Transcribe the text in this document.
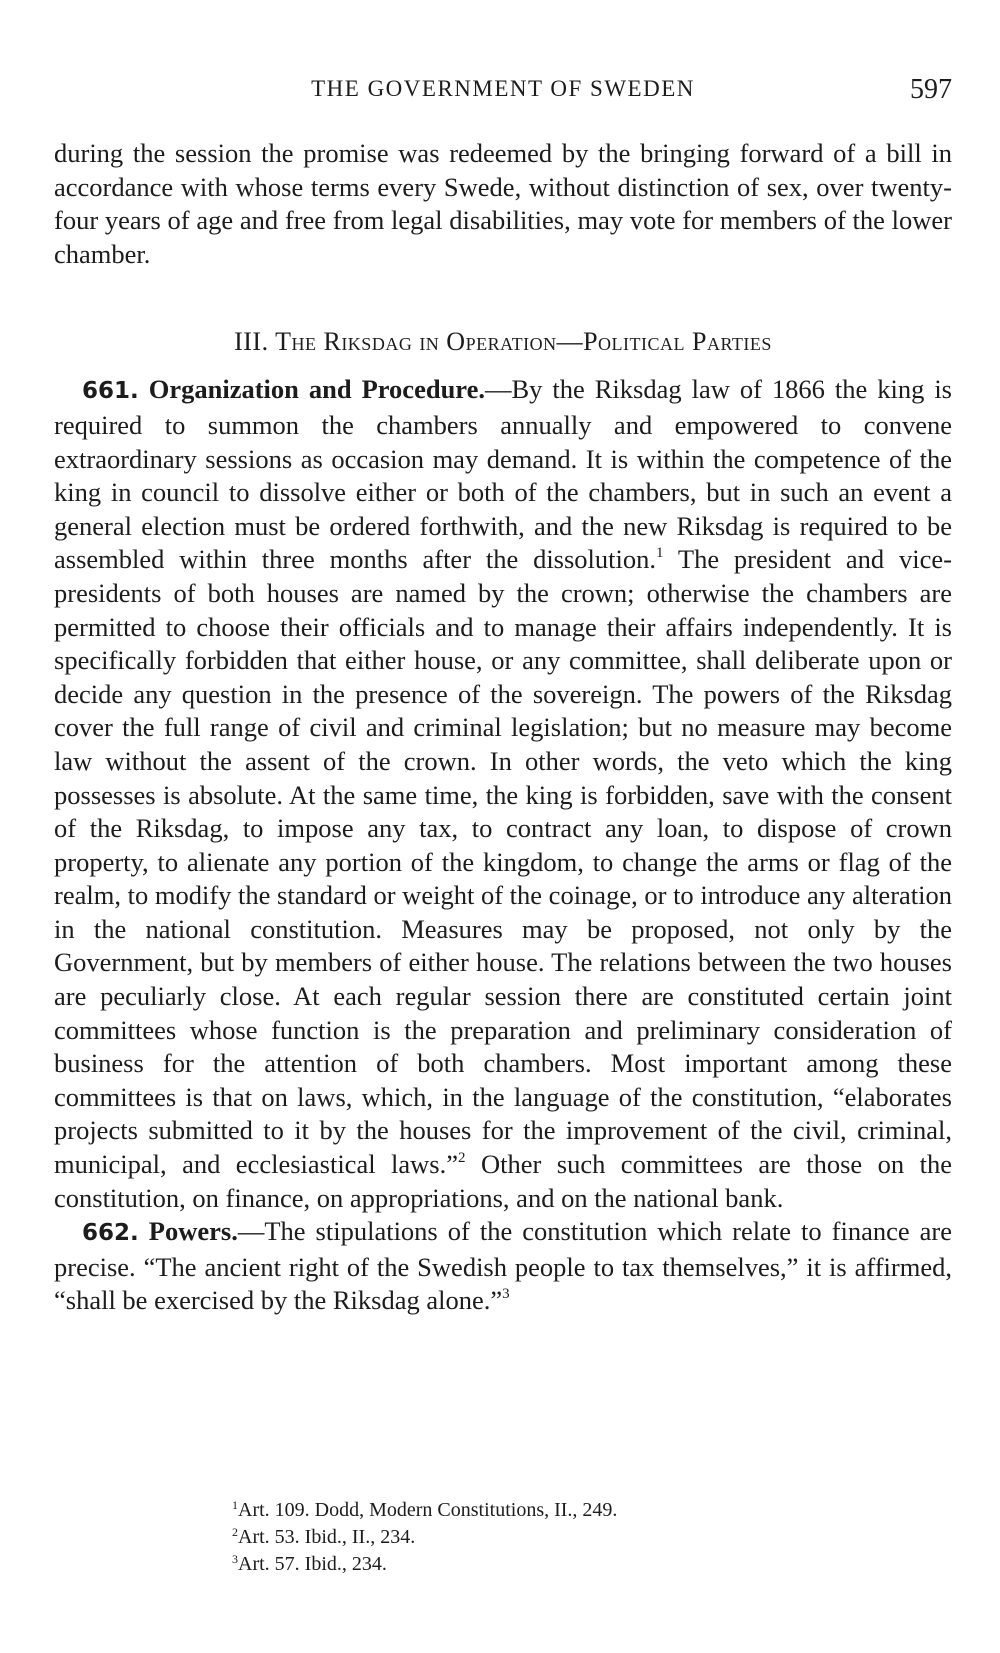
THE GOVERNMENT OF SWEDEN	597

during the session the promise was redeemed by the bringing forward of a bill in accordance with whose terms every Swede, without distinction of sex, over twenty-four years of age and free from legal disabilities, may vote for members of the lower chamber.

III. The Riksdag in Operation—Political Parties

661. Organization and Procedure.—By the Riksdag law of 1866 the king is required to summon the chambers annually and empowered to convene extraordinary sessions as occasion may demand. It is within the competence of the king in council to dissolve either or both of the chambers, but in such an event a general election must be ordered forthwith, and the new Riksdag is required to be assembled within three months after the dissolution.$^1$ The president and vice-presidents of both houses are named by the crown; otherwise the chambers are permitted to choose their officials and to manage their affairs independently. It is specifically forbidden that either house, or any committee, shall deliberate upon or decide any question in the presence of the sovereign. The powers of the Riksdag cover the full range of civil and criminal legislation; but no measure may become law without the assent of the crown. In other words, the veto which the king possesses is absolute. At the same time, the king is forbidden, save with the consent of the Riksdag, to impose any tax, to contract any loan, to dispose of crown property, to alienate any portion of the kingdom, to change the arms or flag of the realm, to modify the standard or weight of the coinage, or to introduce any alteration in the national constitution. Measures may be proposed, not only by the Government, but by members of either house. The relations between the two houses are peculiarly close. At each regular session there are constituted certain joint committees whose function is the preparation and preliminary consideration of business for the attention of both chambers. Most important among these committees is that on laws, which, in the language of the constitution, “elaborates projects submitted to it by the houses for the improvement of the civil, criminal, municipal, and ecclesiastical laws.”$^2$ Other such committees are those on the constitution, on finance, on appropriations, and on the national bank.

662. Powers.—The stipulations of the constitution which relate to finance are precise. “The ancient right of the Swedish people to tax themselves,” it is affirmed, “shall be exercised by the Riksdag alone.”$^3$

$^1$Art. 109. Dodd, Modern Constitutions, II., 249.
$^2$Art. 53. Ibid., II., 234.
$^3$Art. 57. Ibid., 234.
